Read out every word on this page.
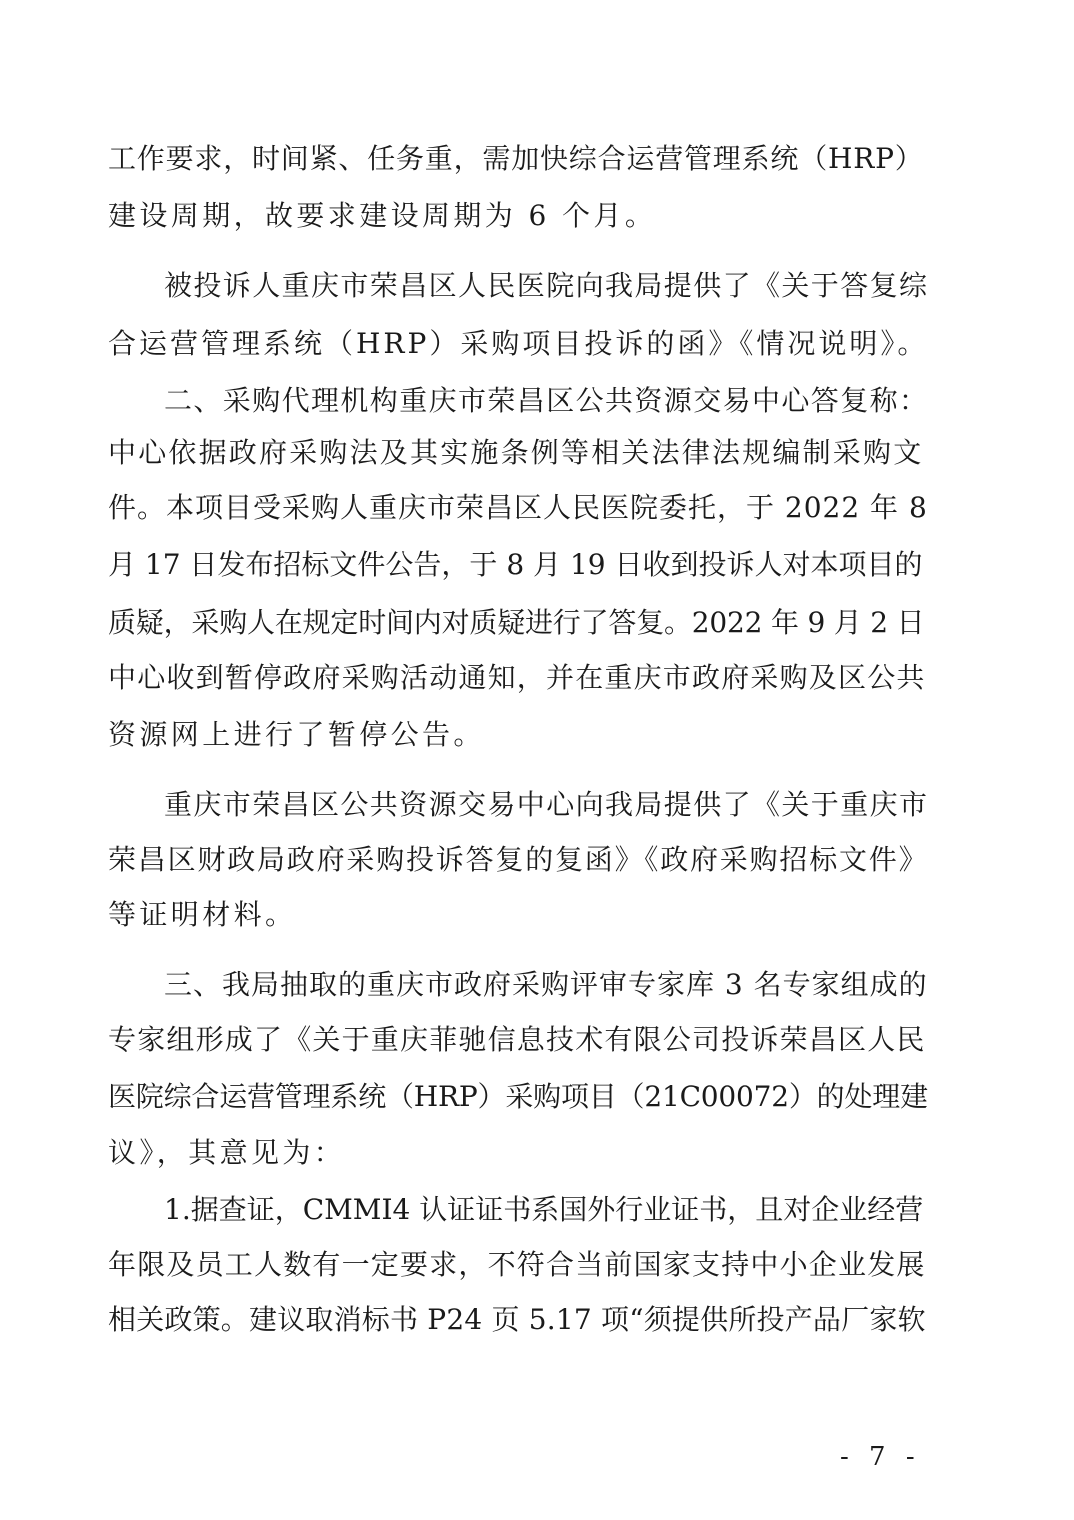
工作要求，时间紧、任务重，需加快综合运营管理系统（HRP）
建设周期，故要求建设周期为 6 个月。
被投诉人重庆市荣昌区人民医院向我局提供了《关于答复综
合运营管理系统（HRP）采购项目投诉的函》《情况说明》。
二、采购代理机构重庆市荣昌区公共资源交易中心答复称：
中心依据政府采购法及其实施条例等相关法律法规编制采购文
件。本项目受采购人重庆市荣昌区人民医院委托，于 2022 年 8
月 17 日发布招标文件公告，于 8 月 19 日收到投诉人对本项目的
质疑，采购人在规定时间内对质疑进行了答复。2022 年 9 月 2 日
中心收到暂停政府采购活动通知，并在重庆市政府采购及区公共
资源网上进行了暂停公告。
重庆市荣昌区公共资源交易中心向我局提供了《关于重庆市
荣昌区财政局政府采购投诉答复的复函》《政府采购招标文件》
等证明材料。
三、我局抽取的重庆市政府采购评审专家库 3 名专家组成的
专家组形成了《关于重庆菲驰信息技术有限公司投诉荣昌区人民
医院综合运营管理系统（HRP）采购项目（21C00072）的处理建
议》，其意见为：
1.据查证，CMMI4 认证证书系国外行业证书，且对企业经营
年限及员工人数有一定要求，不符合当前国家支持中小企业发展
相关政策。建议取消标书 P24 页 5.17 项“须提供所投产品厂家软
- 7 -
